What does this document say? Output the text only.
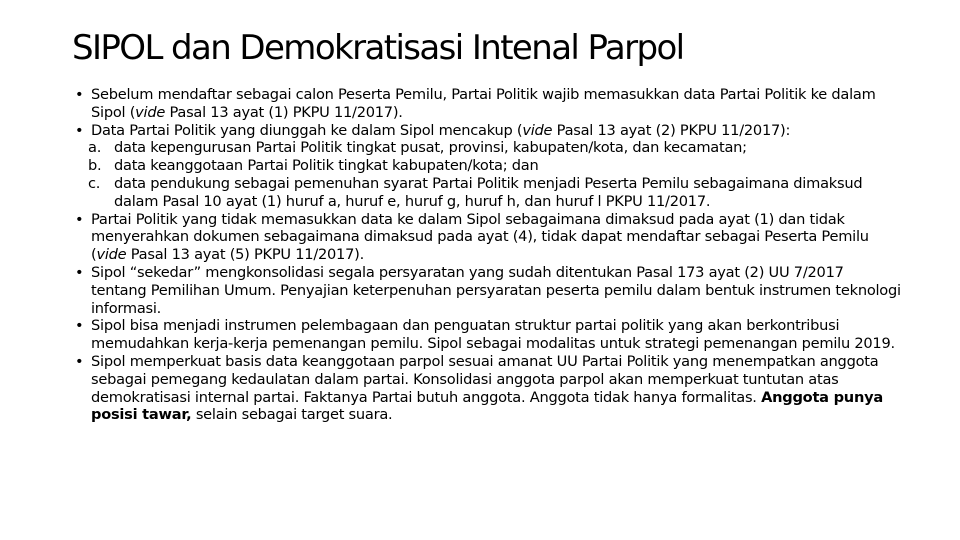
SIPOL dan Demokratisasi Intenal Parpol
• Sebelum mendaftar sebagai calon Peserta Pemilu, Partai Politik wajib memasukkan data Partai Politik ke dalam Sipol (vide Pasal 13 ayat (1) PKPU 11/2017).
• Data Partai Politik yang diunggah ke dalam Sipol mencakup (vide Pasal 13 ayat (2) PKPU 11/2017):
a. data kepengurusan Partai Politik tingkat pusat, provinsi, kabupaten/kota, dan kecamatan;
b. data keanggotaan Partai Politik tingkat kabupaten/kota; dan
c. data pendukung sebagai pemenuhan syarat Partai Politik menjadi Peserta Pemilu sebagaimana dimaksud dalam Pasal 10 ayat (1) huruf a, huruf e, huruf g, huruf h, dan huruf l PKPU 11/2017.
• Partai Politik yang tidak memasukkan data ke dalam Sipol sebagaimana dimaksud pada ayat (1) dan tidak menyerahkan dokumen sebagaimana dimaksud pada ayat (4), tidak dapat mendaftar sebagai Peserta Pemilu (vide Pasal 13 ayat (5) PKPU 11/2017).
• Sipol “sekedar” mengkonsolidasi segala persyaratan yang sudah ditentukan Pasal 173 ayat (2) UU 7/2017 tentang Pemilihan Umum. Penyajian keterpenuhan persyaratan peserta pemilu dalam bentuk instrumen teknologi informasi.
• Sipol bisa menjadi instrumen pelembagaan dan penguatan struktur partai politik yang akan berkontribusi memudahkan kerja-kerja pemenangan pemilu. Sipol sebagai modalitas untuk strategi pemenangan pemilu 2019.
• Sipol memperkuat basis data keanggotaan parpol sesuai amanat UU Partai Politik yang menempatkan anggota sebagai pemegang kedaulatan dalam partai. Konsolidasi anggota parpol akan memperkuat tuntutan atas demokratisasi internal partai. Faktanya Partai butuh anggota. Anggota tidak hanya formalitas. Anggota punya posisi tawar, selain sebagai target suara.
